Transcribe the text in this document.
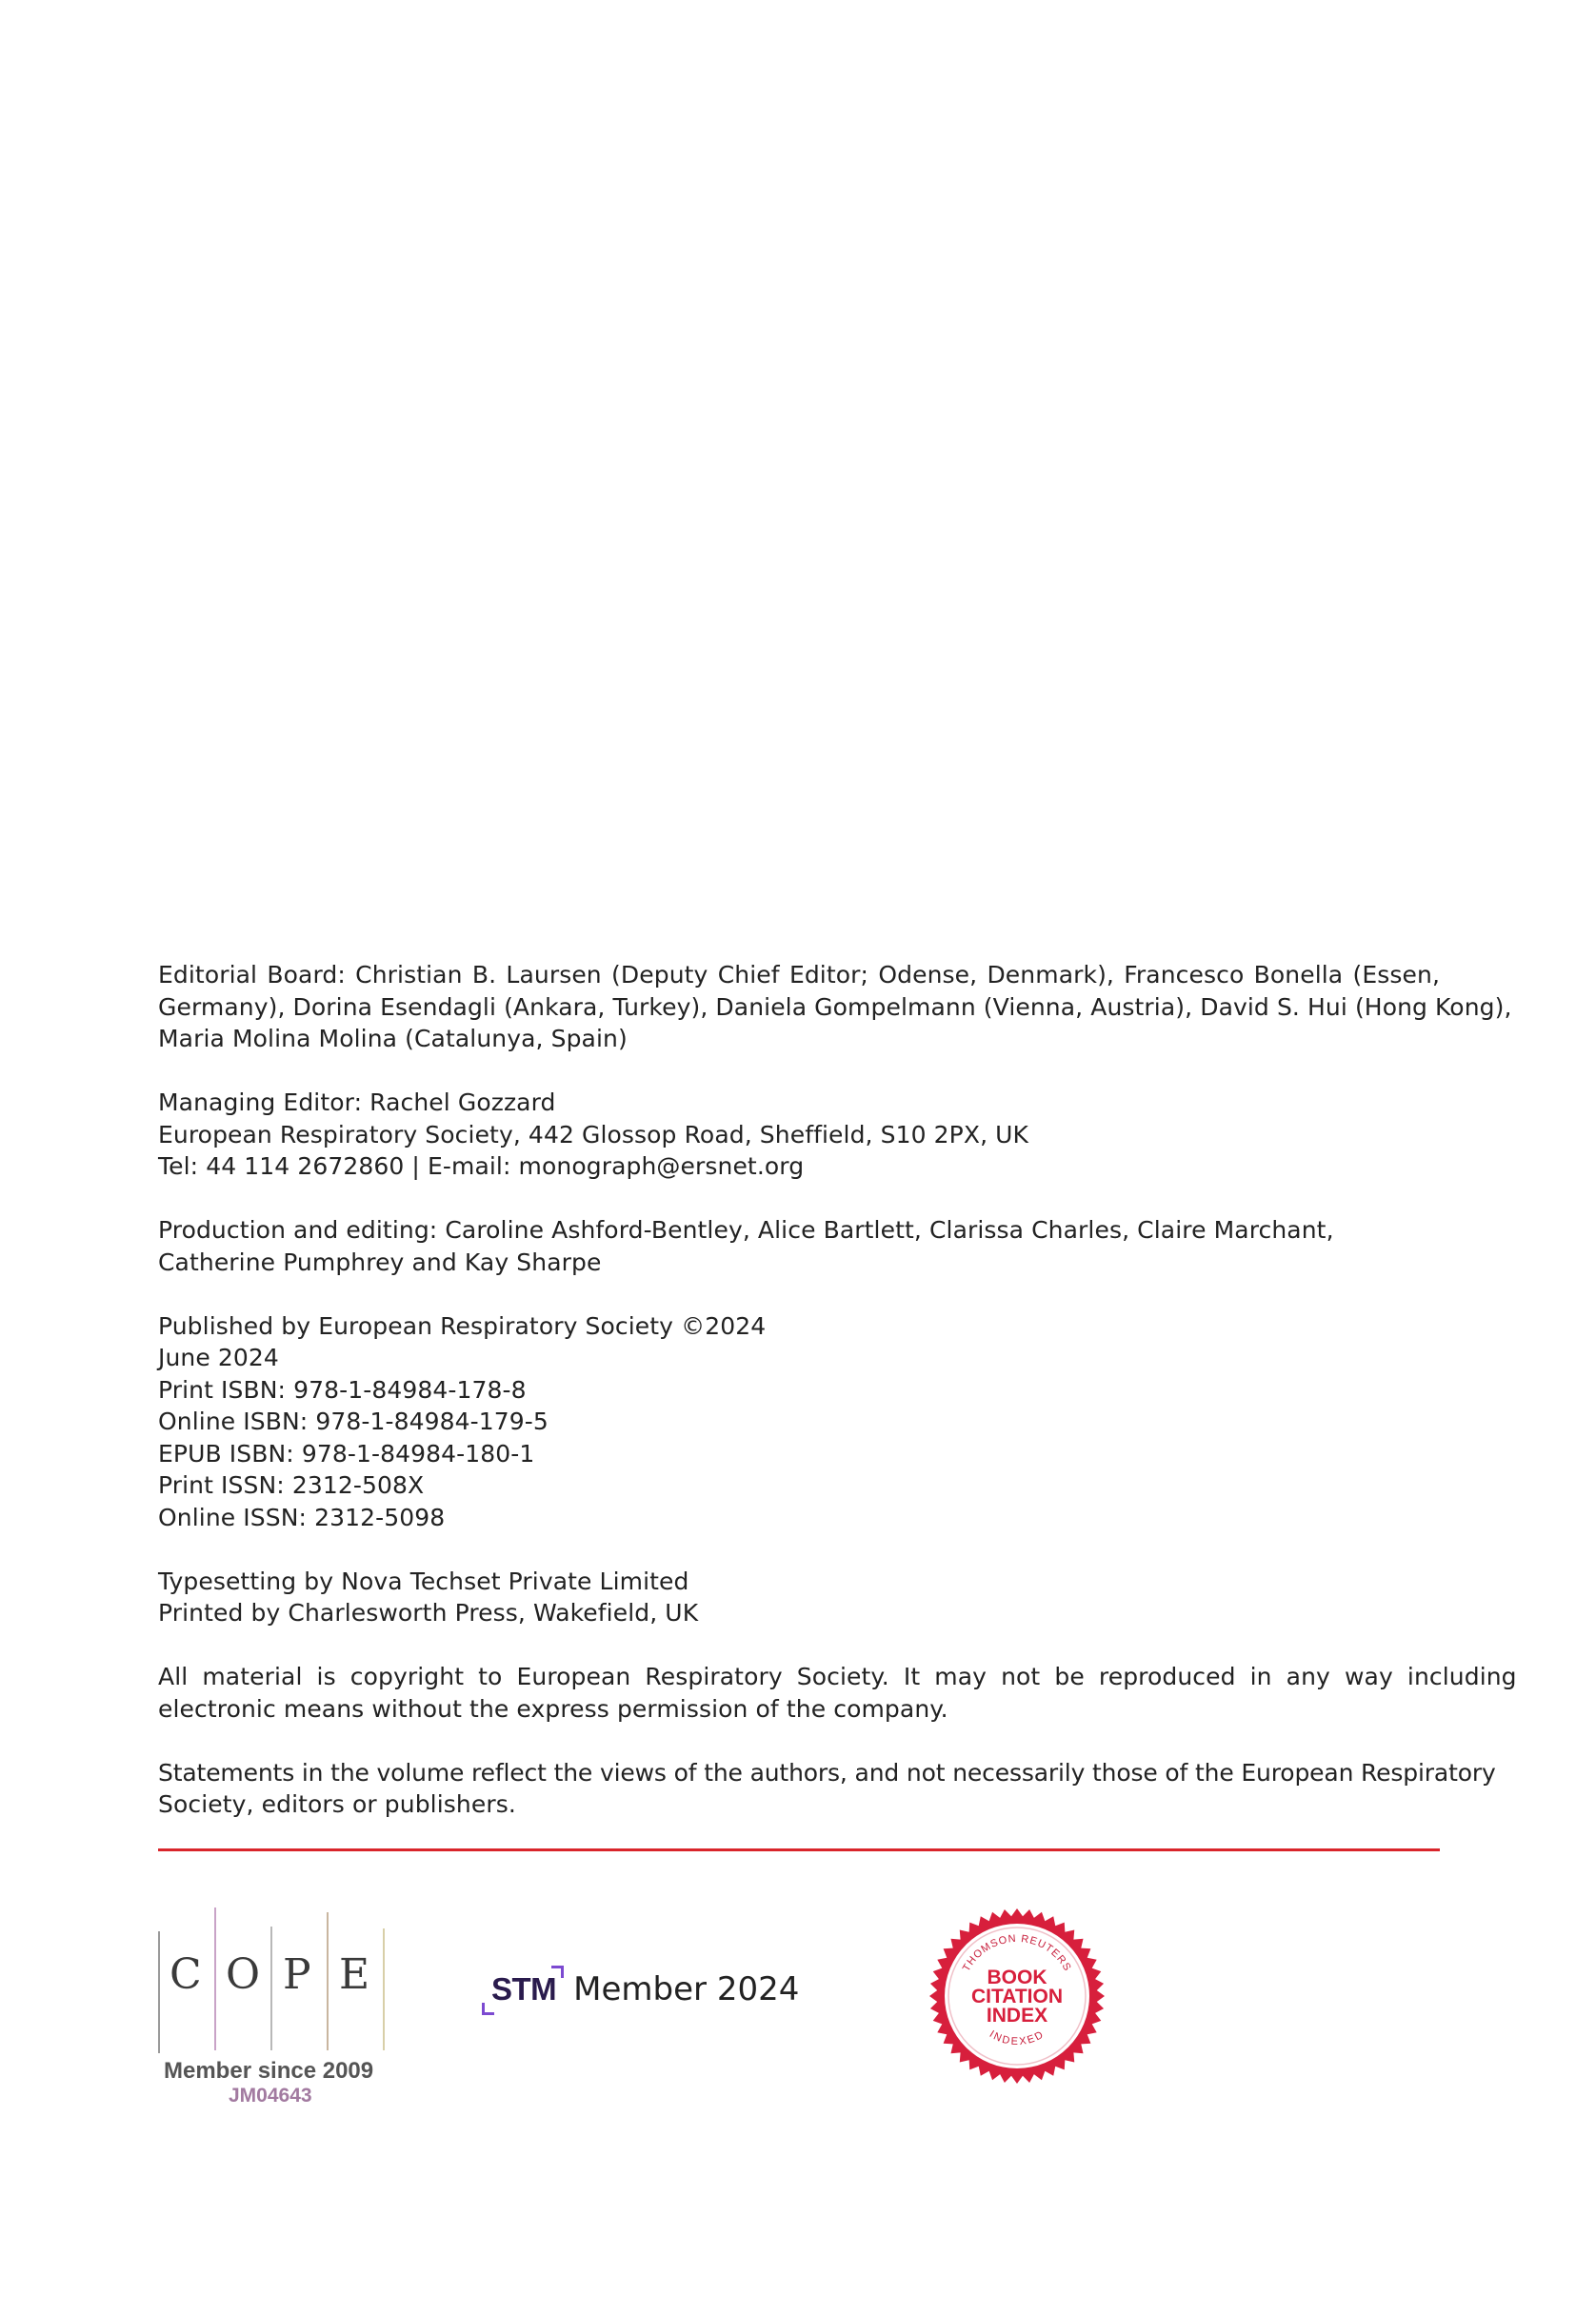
Editorial Board: Christian B. Laursen (Deputy Chief Editor; Odense, Denmark), Francesco Bonella (Essen,
Germany), Dorina Esendagli (Ankara, Turkey), Daniela Gompelmann (Vienna, Austria), David S. Hui (Hong Kong),
Maria Molina Molina (Catalunya, Spain)

Managing Editor: Rachel Gozzard
European Respiratory Society, 442 Glossop Road, Sheffield, S10 2PX, UK
Tel: 44 114 2672860 | E-mail: monograph@ersnet.org

Production and editing: Caroline Ashford-Bentley, Alice Bartlett, Clarissa Charles, Claire Marchant,
Catherine Pumphrey and Kay Sharpe

Published by European Respiratory Society ©2024
June 2024
Print ISBN: 978-1-84984-178-8
Online ISBN: 978-1-84984-179-5
EPUB ISBN: 978-1-84984-180-1
Print ISSN: 2312-508X
Online ISSN: 2312-5098

Typesetting by Nova Techset Private Limited
Printed by Charlesworth Press, Wakefield, UK

All material is copyright to European Respiratory Society. It may not be reproduced in any way including
electronic means without the express permission of the company.

Statements in the volume reflect the views of the authors, and not necessarily those of the European Respiratory
Society, editors or publishers.

C O P E
Member since 2009
JM04643
STM Member 2024
THOMSON REUTERS
BOOK
CITATION
INDEX
INDEXED
